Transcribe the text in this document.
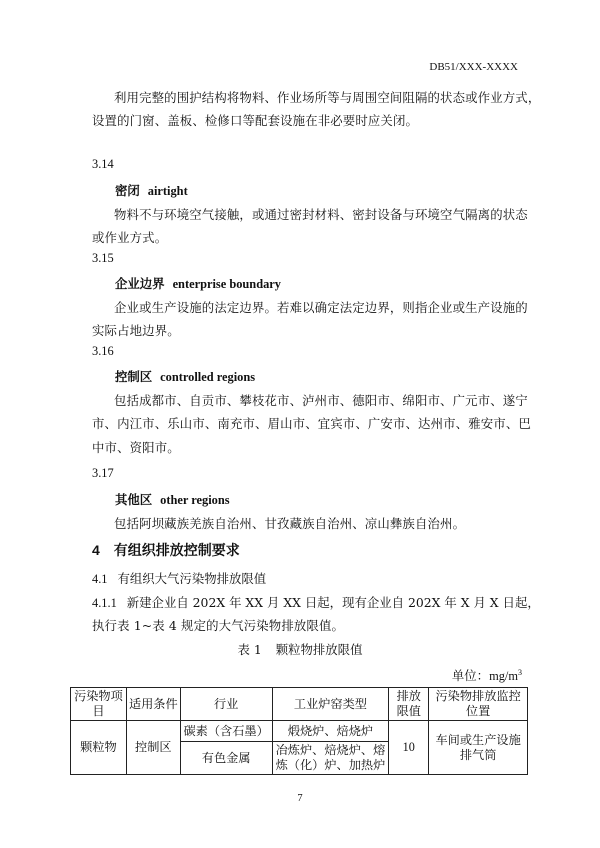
DB51/XXX-XXXX
利用完整的围护结构将物料、作业场所等与周围空间阻隔的状态或作业方式，
设置的门窗、盖板、检修口等配套设施在非必要时应关闭。
3.14
密闭 airtight
物料不与环境空气接触，或通过密封材料、密封设备与环境空气隔离的状态
或作业方式。
3.15
企业边界 enterprise boundary
企业或生产设施的法定边界。若难以确定法定边界，则指企业或生产设施的
实际占地边界。
3.16
控制区 controlled regions
包括成都市、自贡市、攀枝花市、泸州市、德阳市、绵阳市、广元市、遂宁
市、内江市、乐山市、南充市、眉山市、宜宾市、广安市、达州市、雅安市、巴
中市、资阳市。
3.17
其他区 other regions
包括阿坝藏族羌族自治州、甘孜藏族自治州、凉山彝族自治州。
4 有组织排放控制要求
4.1 有组织大气污染物排放限值
4.1.1 新建企业自 202X 年 XX 月 XX 日起，现有企业自 202X 年 X 月 X 日起，
执行表 1~表 4 规定的大气污染物排放限值。
表 1 颗粒物排放限值
单位：$mg/m^3$
污染物项目	适用条件	行业	工业炉窑类型	排放限值	污染物排放监控位置
颗粒物	控制区	碳素（含石墨）	煅烧炉、焙烧炉	10	车间或生产设施排气筒
		有色金属	冶炼炉、焙烧炉、熔炼（化）炉、加热炉		
7
